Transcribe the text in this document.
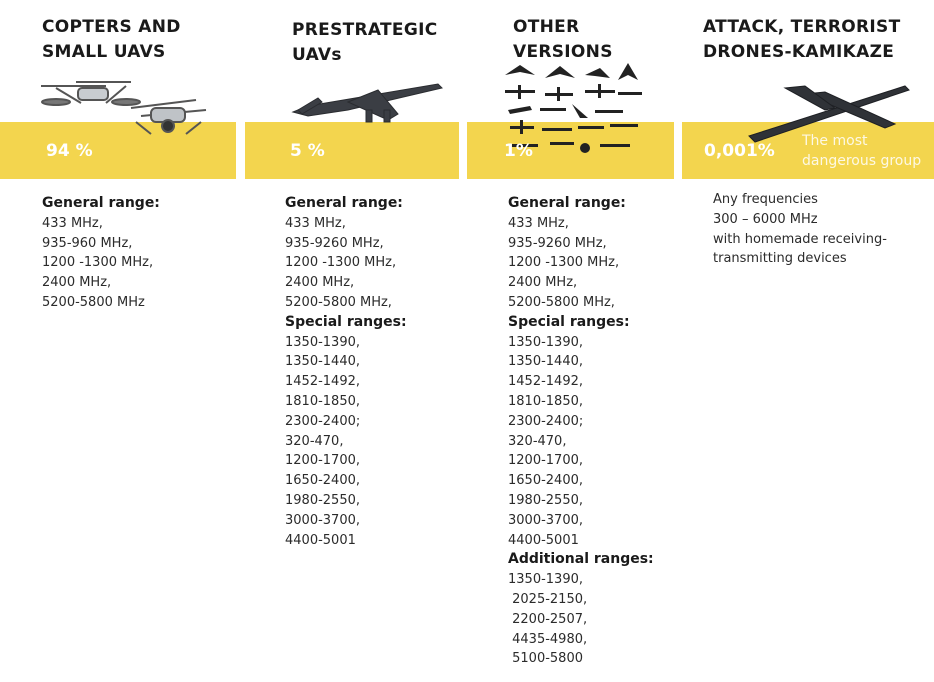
COPTERS AND
SMALL UAVS
PRESTRATEGIC
UAVs
OTHER
VERSIONS
ATTACK, TERRORIST
DRONES-KAMIKAZE
94 %	5 %	1%	0,001% The most
dangerous group
General range:
433 MHz,
935-960 MHz,
1200 -1300 MHz,
2400 MHz,
5200-5800 MHz
General range:
433 MHz,
935-9260 MHz,
1200 -1300 MHz,
2400 MHz,
5200-5800 MHz,
Special ranges:
1350-1390,
1350-1440,
1452-1492,
1810-1850,
2300-2400;
320-470,
1200-1700,
1650-2400,
1980-2550,
3000-3700,
4400-5001
General range:
433 MHz,
935-9260 MHz,
1200 -1300 MHz,
2400 MHz,
5200-5800 MHz,
Special ranges:
1350-1390,
1350-1440,
1452-1492,
1810-1850,
2300-2400;
320-470,
1200-1700,
1650-2400,
1980-2550,
3000-3700,
4400-5001
Additional ranges:
1350-1390,
2025-2150,
2200-2507,
4435-4980,
5100-5800
Any frequencies
300 – 6000 MHz
with homemade receiving-
transmitting devices
